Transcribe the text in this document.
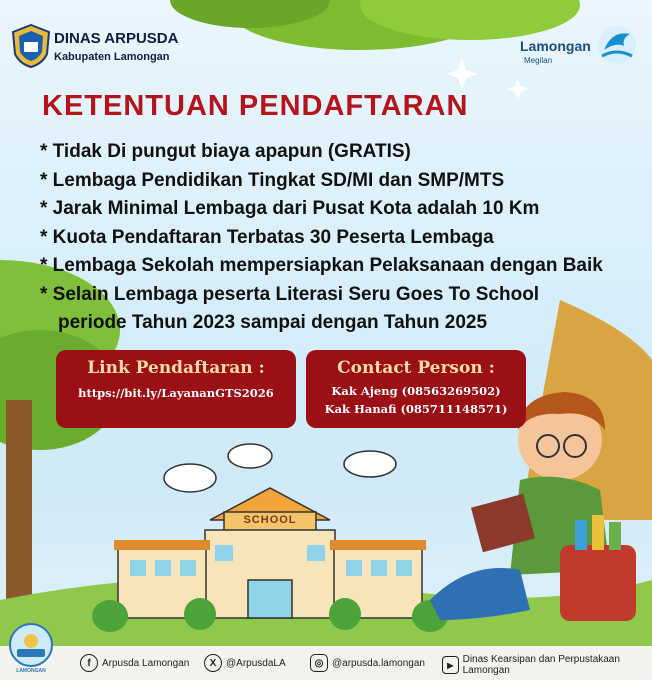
DINAS ARPUSDA
Kabupaten Lamongan
Lamongan
Megilan
KETENTUAN PENDAFTARAN
* Tidak Di pungut biaya apapun (GRATIS)
* Lembaga Pendidikan Tingkat SD/MI dan SMP/MTS
* Jarak Minimal Lembaga dari Pusat Kota adalah 10 Km
* Kuota Pendaftaran Terbatas 30 Peserta Lembaga
* Lembaga Sekolah mempersiapkan Pelaksanaan dengan Baik
* Selain Lembaga peserta Literasi Seru Goes To School
periode Tahun 2023 sampai dengan Tahun 2025
Link Pendaftaran :
https://bit.ly/LayananGTS2026
Contact Person :
Kak Ajeng (08563269502)
Kak Hanafi (085711148571)
SCHOOL
LAMONGAN
f	Arpusda Lamongan	X @ArpusdaLA	◎ @arpusda.lamongan	▶ Dinas Kearsipan dan Perpustakaan Lamongan
